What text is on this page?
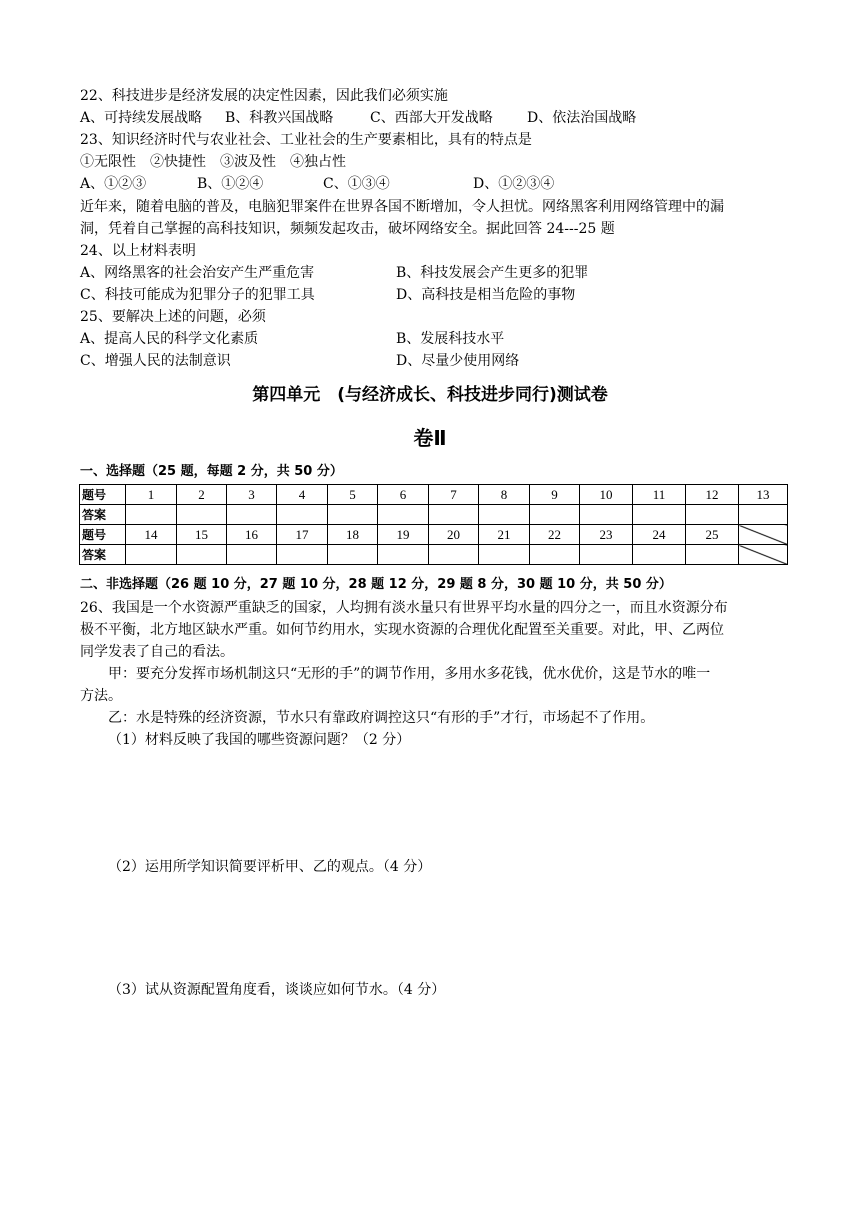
22、科技进步是经济发展的决定性因素，因此我们必须实施
A、可持续发展战略 B、科教兴国战略	C、西部大开发战略 D、依法治国战略
23、知识经济时代与农业社会、工业社会的生产要素相比，具有的特点是
①无限性　②快捷性　③波及性　④独占性
A、①②③	B、①②④	C、①③④	D、①②③④
近年来，随着电脑的普及，电脑犯罪案件在世界各国不断增加，令人担忧。网络黑客利用网络管理中的漏
洞，凭着自己掌握的高科技知识，频频发起攻击，破坏网络安全。据此回答 24---25 题
24、以上材料表明
A、网络黑客的社会治安产生严重危害	B、科技发展会产生更多的犯罪
C、科技可能成为犯罪分子的犯罪工具	D、高科技是相当危险的事物
25、要解决上述的问题，必须
A、提高人民的科学文化素质	B、发展科技水平
C、增强人民的法制意识	D、尽量少使用网络
第四单元　(与经济成长、科技进步同行)测试卷
卷Ⅱ
一、选择题（25 题，每题 2 分，共 50 分）
题号	1	2	3	4	5	6	7	8	9	10	11	12	13
答案													
题号	14	15	16	17	18	19	20	21	22	23	24	25	
答案													
二、非选择题（26 题 10 分，27 题 10 分，28 题 12 分，29 题 8 分，30 题 10 分，共 50 分）
26、我国是一个水资源严重缺乏的国家，人均拥有淡水量只有世界平均水量的四分之一，而且水资源分布
极不平衡，北方地区缺水严重。如何节约用水，实现水资源的合理优化配置至关重要。对此，甲、乙两位
同学发表了自己的看法。
甲：要充分发挥市场机制这只“无形的手”的调节作用，多用水多花钱，优水优价，这是节水的唯一
方法。
乙：水是特殊的经济资源，节水只有靠政府调控这只“有形的手”才行，市场起不了作用。
（1）材料反映了我国的哪些资源问题？（2 分）
（2）运用所学知识简要评析甲、乙的观点。（4 分）
（3）试从资源配置角度看，谈谈应如何节水。（4 分）
